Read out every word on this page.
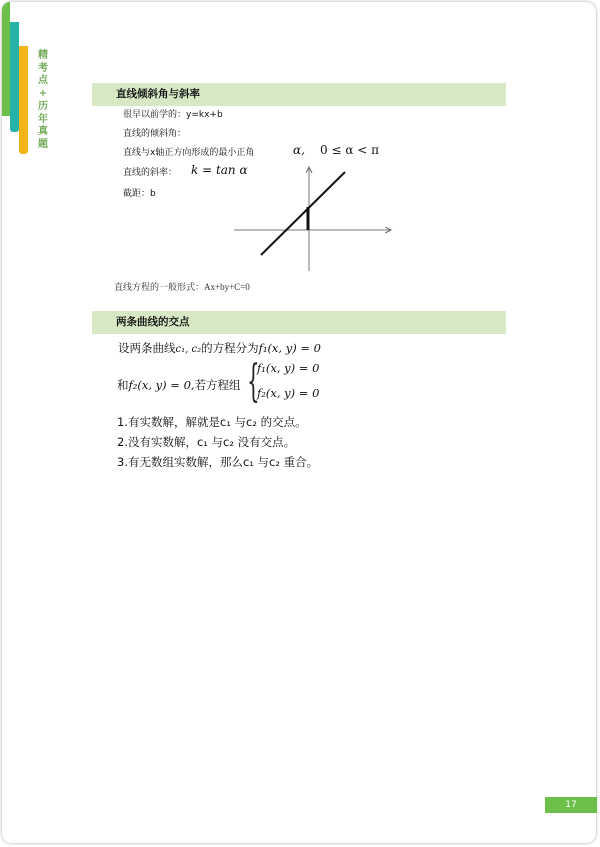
精
考
点
+
历
年
真
题
直线倾斜角与斜率
很早以前学的：y=kx+b
直线的倾斜角：
直线与x轴正方向形成的最小正角	α, 0 ≤ α < π
直线的斜率： k = tan α
截距：b
直线方程的一般形式：Ax+by+C=0
两条曲线的交点
设两条曲线c₁, c₂的方程分为f₁(x, y) = 0
和f₂(x, y) = 0,若方程组 {
f₁(x, y) = 0
f₂(x, y) = 0
1.有实数解，解就是c₁ 与c₂ 的交点。
2.没有实数解，c₁ 与c₂ 没有交点。
3.有无数组实数解，那么c₁ 与c₂ 重合。
17
